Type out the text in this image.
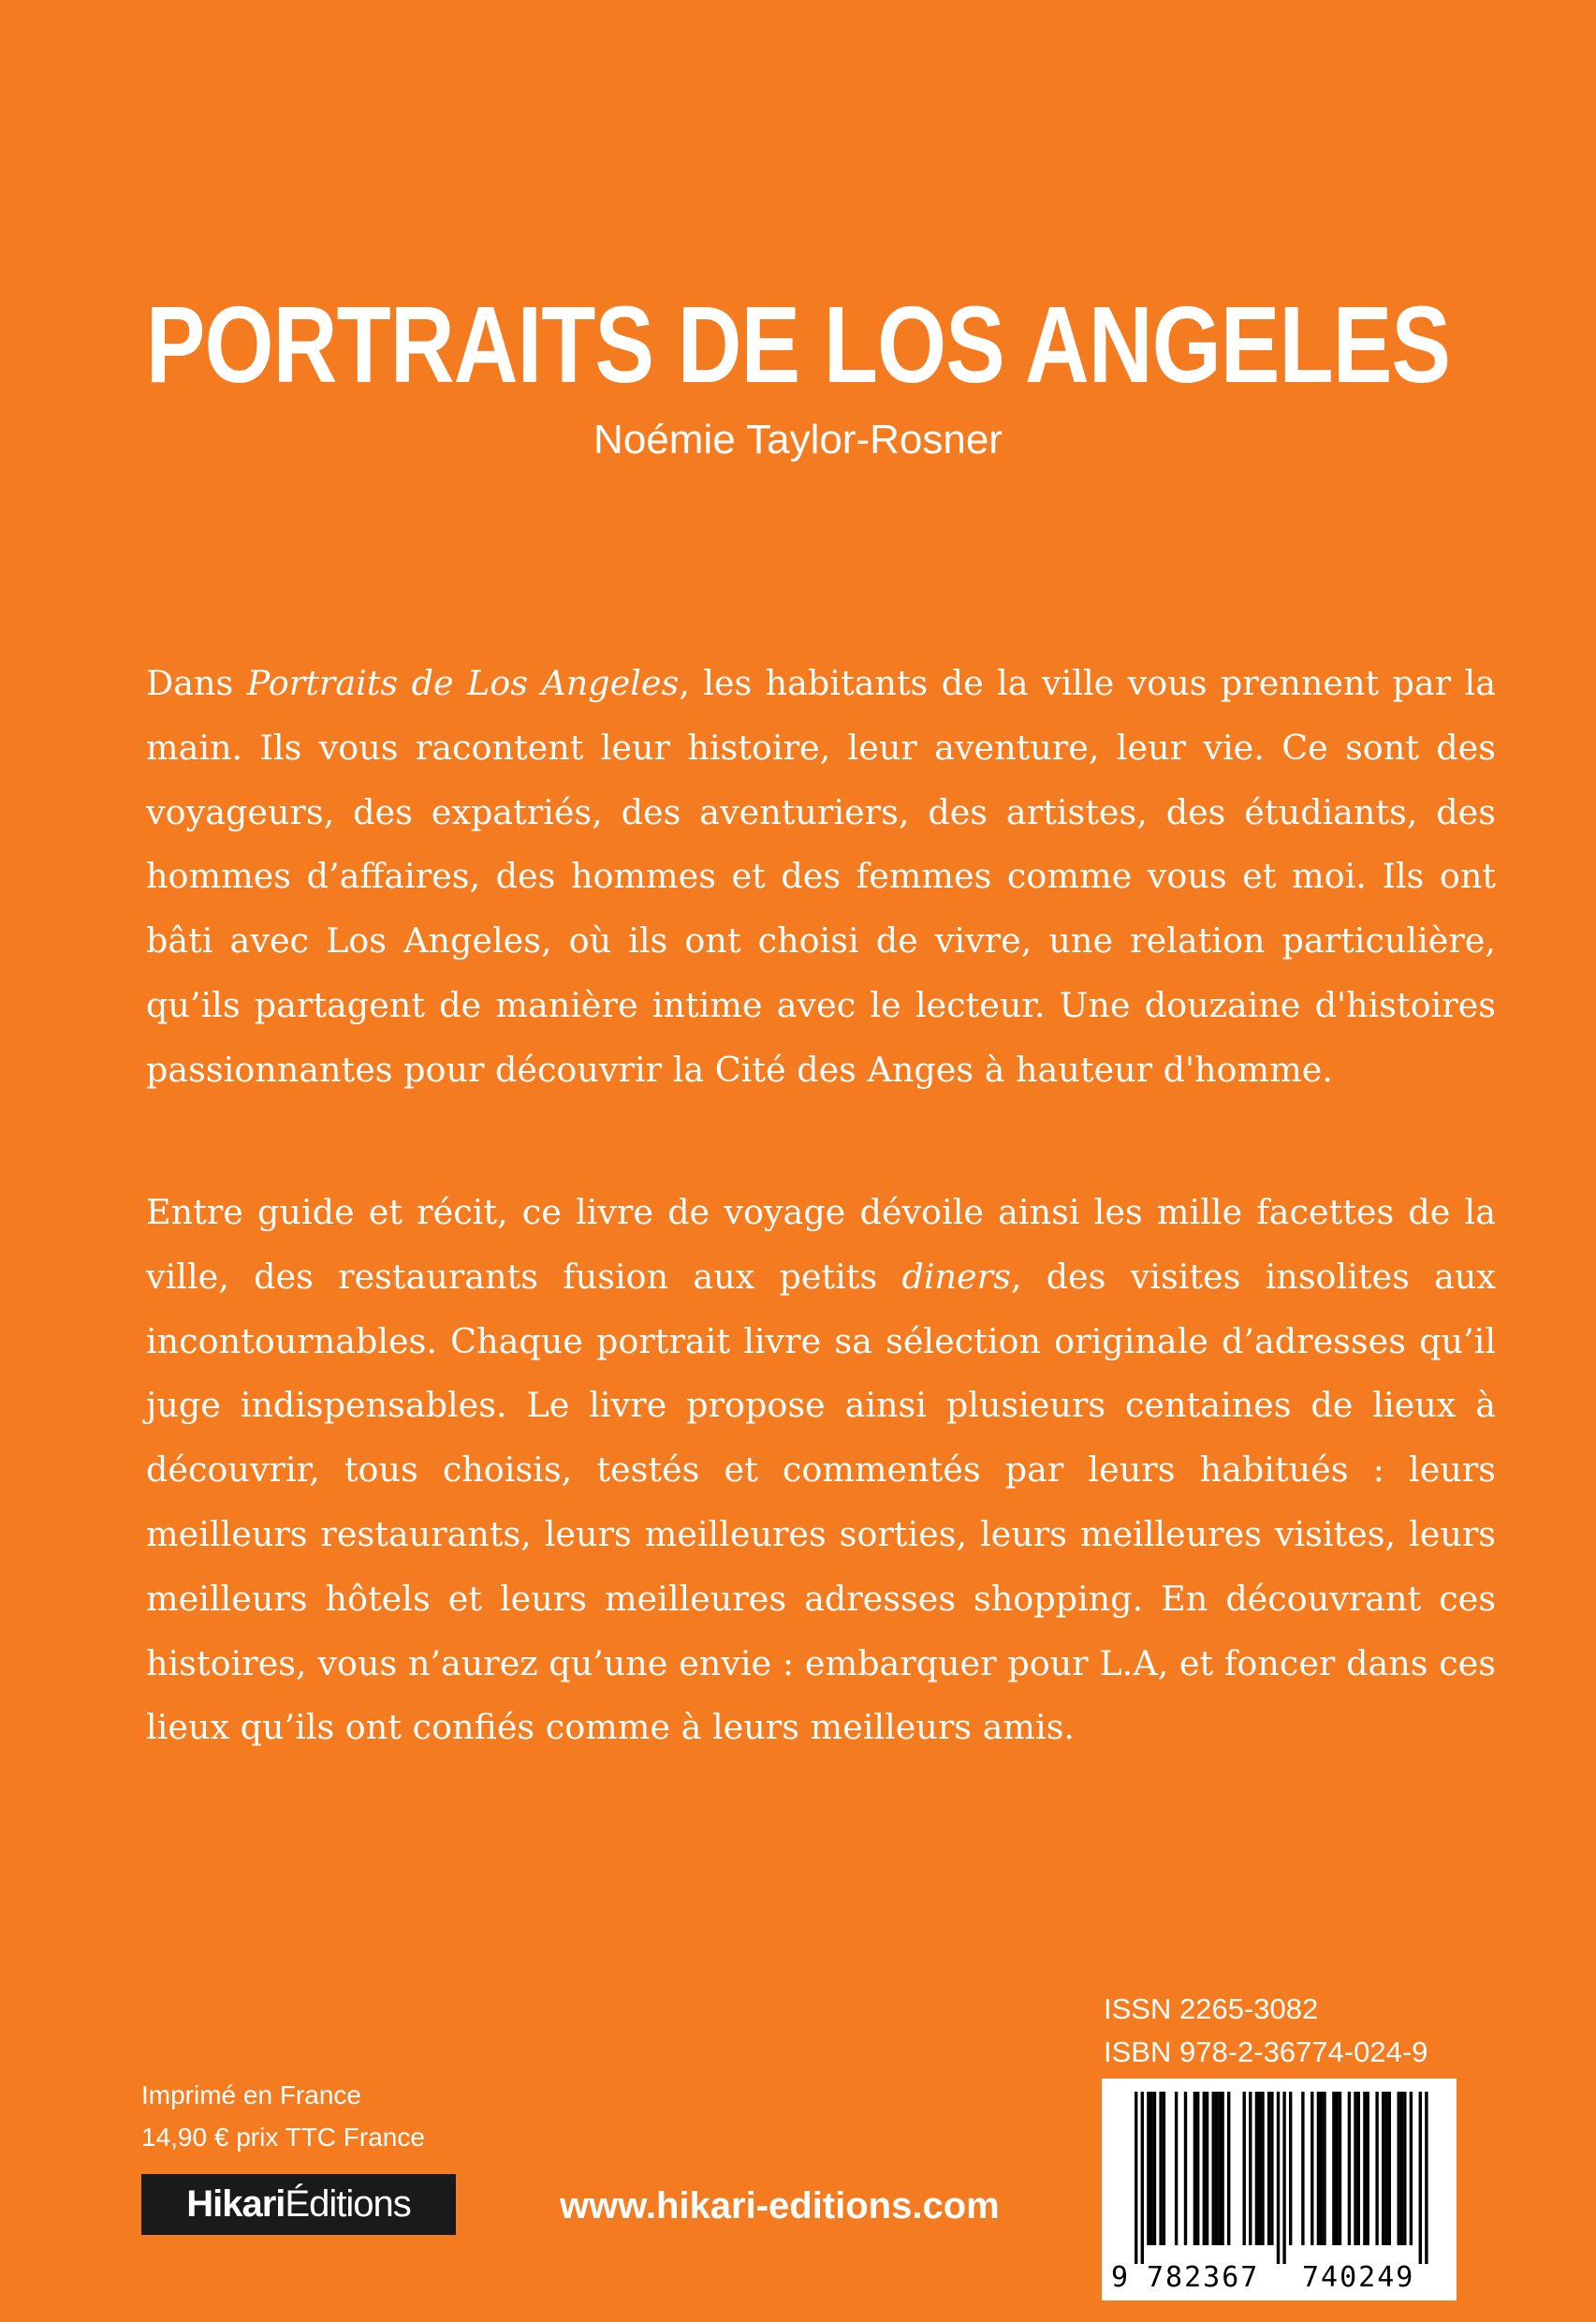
PORTRAITS DE LOS ANGELES
Noémie Taylor-Rosner

Dans Portraits de Los Angeles, les habitants de la ville vous prennent par la main. Ils vous racontent leur histoire, leur aventure, leur vie. Ce sont des voyageurs, des expatriés, des aventuriers, des artistes, des étudiants, des hommes d’affaires, des hommes et des femmes comme vous et moi. Ils ont bâti avec Los Angeles, où ils ont choisi de vivre, une relation particulière, qu’ils partagent de manière intime avec le lecteur. Une douzaine d'histoires passionnantes pour découvrir la Cité des Anges à hauteur d'homme.

Entre guide et récit, ce livre de voyage dévoile ainsi les mille facettes de la ville, des restaurants fusion aux petits diners, des visites insolites aux incontournables. Chaque portrait livre sa sélection originale d’adresses qu’il juge indispensables. Le livre propose ainsi plusieurs centaines de lieux à découvrir, tous choisis, testés et commentés par leurs habitués : leurs meilleurs restaurants, leurs meilleures sorties, leurs meilleures visites, leurs meilleurs hôtels et leurs meilleures adresses shopping. En découvrant ces histoires, vous n’aurez qu’une envie : embarquer pour L.A, et foncer dans ces lieux qu’ils ont confiés comme à leurs meilleurs amis.

Imprimé en France
14,90 € prix TTC France
Hikari Éditions	www.hikari-editions.com
ISSN 2265-3082
ISBN 978-2-36774-024-9
9 782367 740249
